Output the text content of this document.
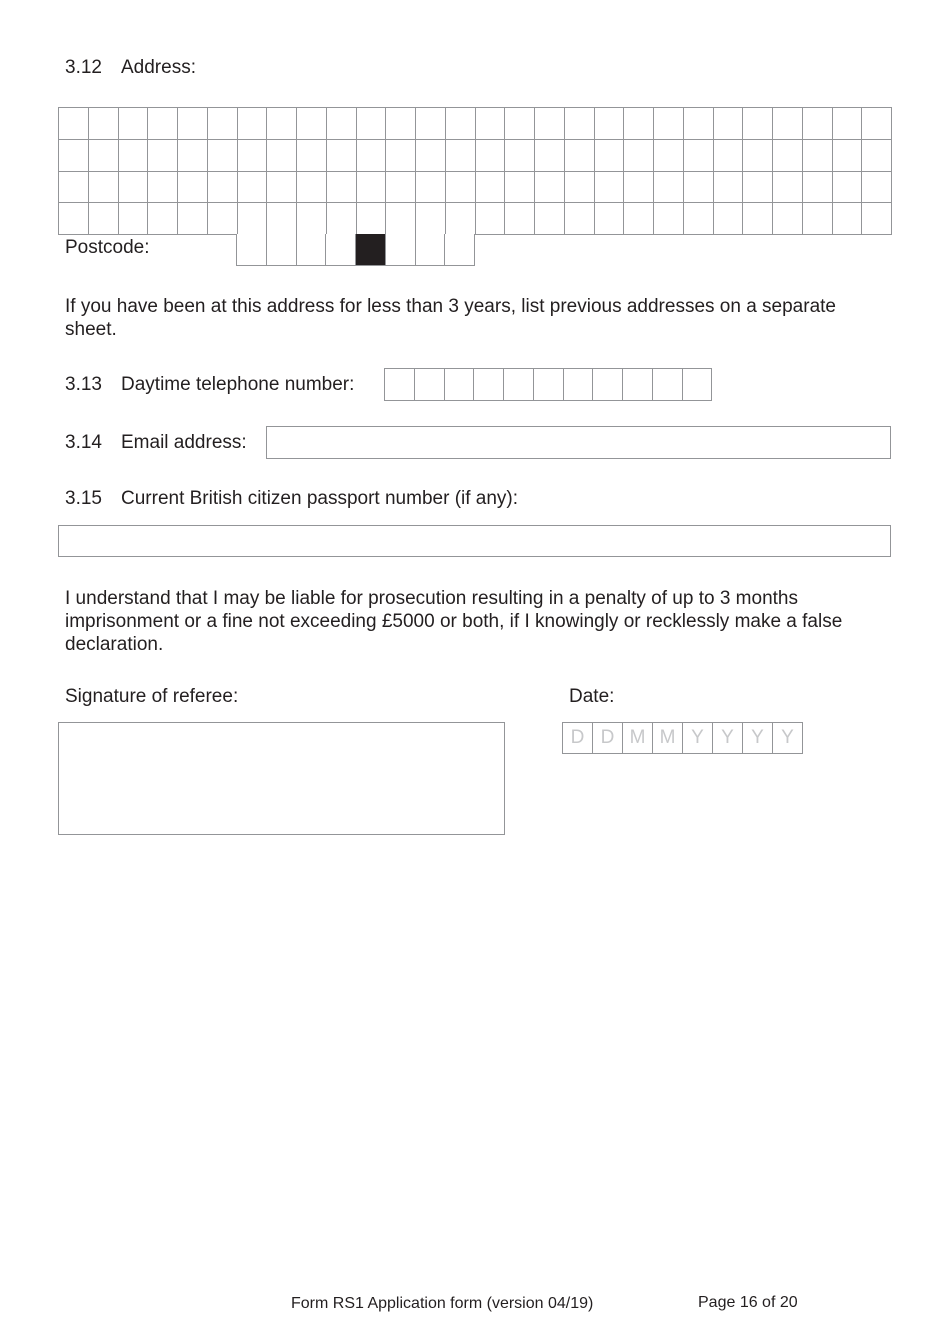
3.12 Address:
Postcode:
If you have been at this address for less than 3 years, list previous addresses on a separate sheet.
3.13 Daytime telephone number:
3.14 Email address:
3.15 Current British citizen passport number (if any):
I understand that I may be liable for prosecution resulting in a penalty of up to 3 months imprisonment or a fine not exceeding £5000 or both, if I knowingly or recklessly make a false declaration.
Signature of referee:	Date:
D D M M Y Y Y Y
Form RS1 Application form (version 04/19)	Page 16 of 20
